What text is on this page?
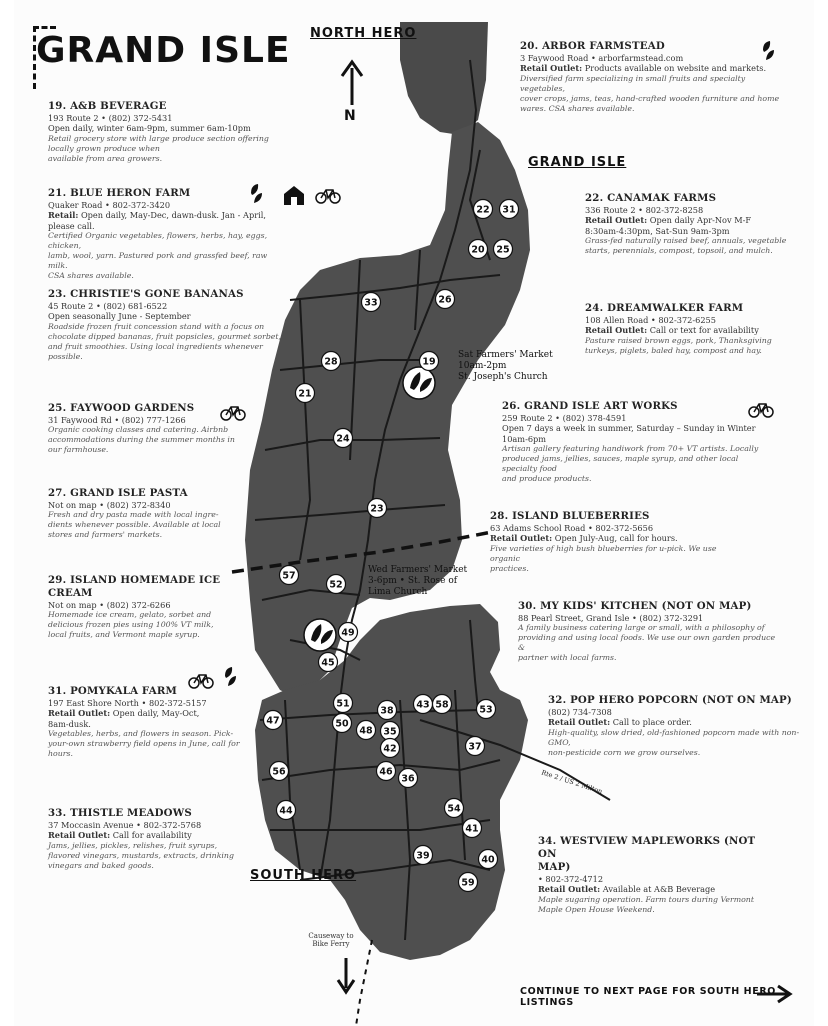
GRAND ISLE
22 31
20 25
33	26
28	19
21
24
23
57
52
49
45
51
38
43 58	53
47	50
48 35
42	37
56	46
36
44	54
41
39	40
59
NORTH HERO
N
GRAND ISLE
SOUTH HERO
Causeway to Bike Ferry
Sat Farmers' Market
10am-2pm
St. Joseph's Church
Wed Farmers' Market
3-6pm • St. Rose of
Lima Church
Rte 2 / US 2 Milton
CONTINUE TO NEXT PAGE FOR SOUTH HERO LISTINGS
19. A&B BEVERAGE
193 Route 2 • (802) 372-5431
Open daily, winter 6am-9pm, summer 6am-10pm
Retail grocery store with large produce section offering locally grown produce when
available from area growers.
21. BLUE HERON FARM
Quaker Road • 802-372-3420
Retail: Open daily, May-Dec, dawn-dusk. Jan - April, please call.
Certified Organic vegetables, flowers, herbs, hay, eggs, chicken,
lamb, wool, yarn. Pastured pork and grassfed beef, raw milk.
CSA shares available.
23. CHRISTIE'S GONE BANANAS
45 Route 2 • (802) 681-6522
Open seasonally June - September
Roadside frozen fruit concession stand with a focus on
chocolate dipped bananas, fruit popsicles, gourmet sorbet,
and fruit smoothies. Using local ingredients whenever
possible.
25. FAYWOOD GARDENS
31 Faywood Rd • (802) 777-1266
Organic cooking classes and catering. Airbnb
accommodations during the summer months in
our farmhouse.
27. GRAND ISLE PASTA
Not on map • (802) 372-8340
Fresh and dry pasta made with local ingre-
dients whenever possible. Available at local
stores and farmers' markets.
29. ISLAND HOMEMADE ICE
CREAM
Not on map • (802) 372-6266
Homemade ice cream, gelato, sorbet and
delicious frozen pies using 100% VT milk,
local fruits, and Vermont maple syrup.
31. POMYKALA FARM
197 East Shore North • 802-372-5157
Retail Outlet: Open daily, May-Oct,
8am-dusk.
Vegetables, herbs, and flowers in season. Pick-
your-own strawberry field opens in June, call for
hours.
33. THISTLE MEADOWS
37 Moccasin Avenue • 802-372-5768
Retail Outlet: Call for availability
Jams, jellies, pickles, relishes, fruit syrups,
flavored vinegars, mustards, extracts, drinking
vinegars and baked goods.
20. ARBOR FARMSTEAD
3 Faywood Road • arborfarmstead.com
Retail Outlet: Products available on website and markets.
Diversified farm specializing in small fruits and specialty vegetables,
cover crops, jams, teas, hand-crafted wooden furniture and home
wares. CSA shares available.
22. CANAMAK FARMS
336 Route 2 • 802-372-8258
Retail Outlet: Open daily Apr-Nov M-F
8:30am-4:30pm, Sat-Sun 9am-3pm
Grass-fed naturally raised beef, annuals, vegetable
starts, perennials, compost, topsoil, and mulch.
24. DREAMWALKER FARM
108 Allen Road • 802-372-6255
Retail Outlet: Call or text for availability
Pasture raised brown eggs, pork, Thanksgiving
turkeys, piglets, baled hay, compost and hay.
26. GRAND ISLE ART WORKS
259 Route 2 • (802) 378-4591
Open 7 days a week in summer, Saturday – Sunday in Winter
10am-6pm
Artisan gallery featuring handiwork from 70+ VT artists. Locally
produced jams, jellies, sauces, maple syrup, and other local specialty food
and produce products.
28. ISLAND BLUEBERRIES
63 Adams School Road • 802-372-5656
Retail Outlet: Open July-Aug, call for hours.
Five varieties of high bush blueberries for u-pick. We use organic
practices.
30. MY KIDS' KITCHEN (NOT ON MAP)
88 Pearl Street, Grand Isle • (802) 372-3291
A family business catering large or small, with a philosophy of
providing and using local foods. We use our own garden produce &
partner with local farms.
32. POP HERO POPCORN (NOT ON MAP)
(802) 734-7308
Retail Outlet: Call to place order.
High-quality, slow dried, old-fashioned popcorn made with non-GMO,
non-pesticide corn we grow ourselves.
34. WESTVIEW MAPLEWORKS (NOT ON
MAP)
• 802-372-4712
Retail Outlet: Available at A&B Beverage
Maple sugaring operation. Farm tours during Vermont
Maple Open House Weekend.
